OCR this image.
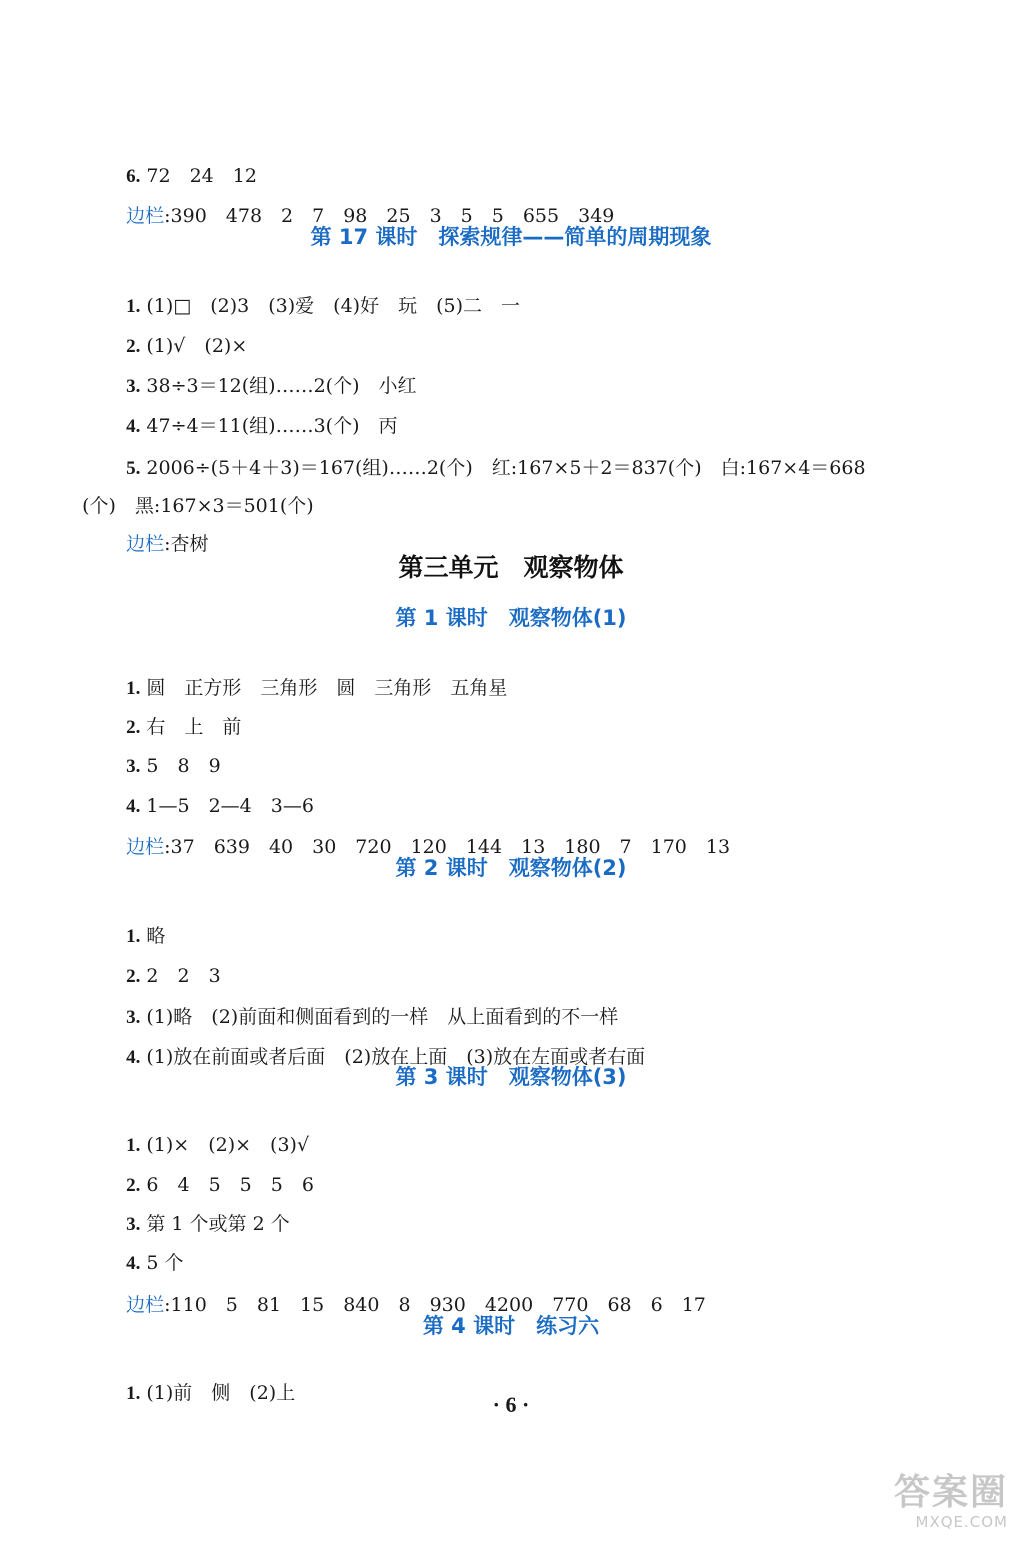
6. 72　24　12

边栏:390　478　2　7　98　25　3　5　5　655　349

第 17 课时　探索规律——简单的周期现象

1. (1)□　(2)3　(3)爱　(4)好　玩　(5)二　一

2. (1)√　(2)×

3. 38÷3＝12(组)……2(个)　小红

4. 47÷4＝11(组)……3(个)　丙

5. 2006÷(5＋4＋3)＝167(组)……2(个)　红:167×5＋2＝837(个)　白:167×4＝668

(个)　黑:167×3＝501(个)

边栏:杏树

第三单元　观察物体
第 1 课时　观察物体(1)

1. 圆　正方形　三角形　圆　三角形　五角星

2. 右　上　前

3. 5　8　9

4. 1—5　2—4　3—6

边栏:37　639　40　30　720　120　144　13　180　7　170　13

第 2 课时　观察物体(2)

1. 略

2. 2　2　3

3. (1)略　(2)前面和侧面看到的一样　从上面看到的不一样

4. (1)放在前面或者后面　(2)放在上面　(3)放在左面或者右面

第 3 课时　观察物体(3)

1. (1)×　(2)×　(3)√

2. 6　4　5　5　5　6

3. 第 1 个或第 2 个

4. 5 个

边栏:110　5　81　15　840　8　930　4200　770　68　6　17

第 4 课时　练习六

1. (1)前　侧　(2)上	· 6 ·
答案圈
MXQE.COM
